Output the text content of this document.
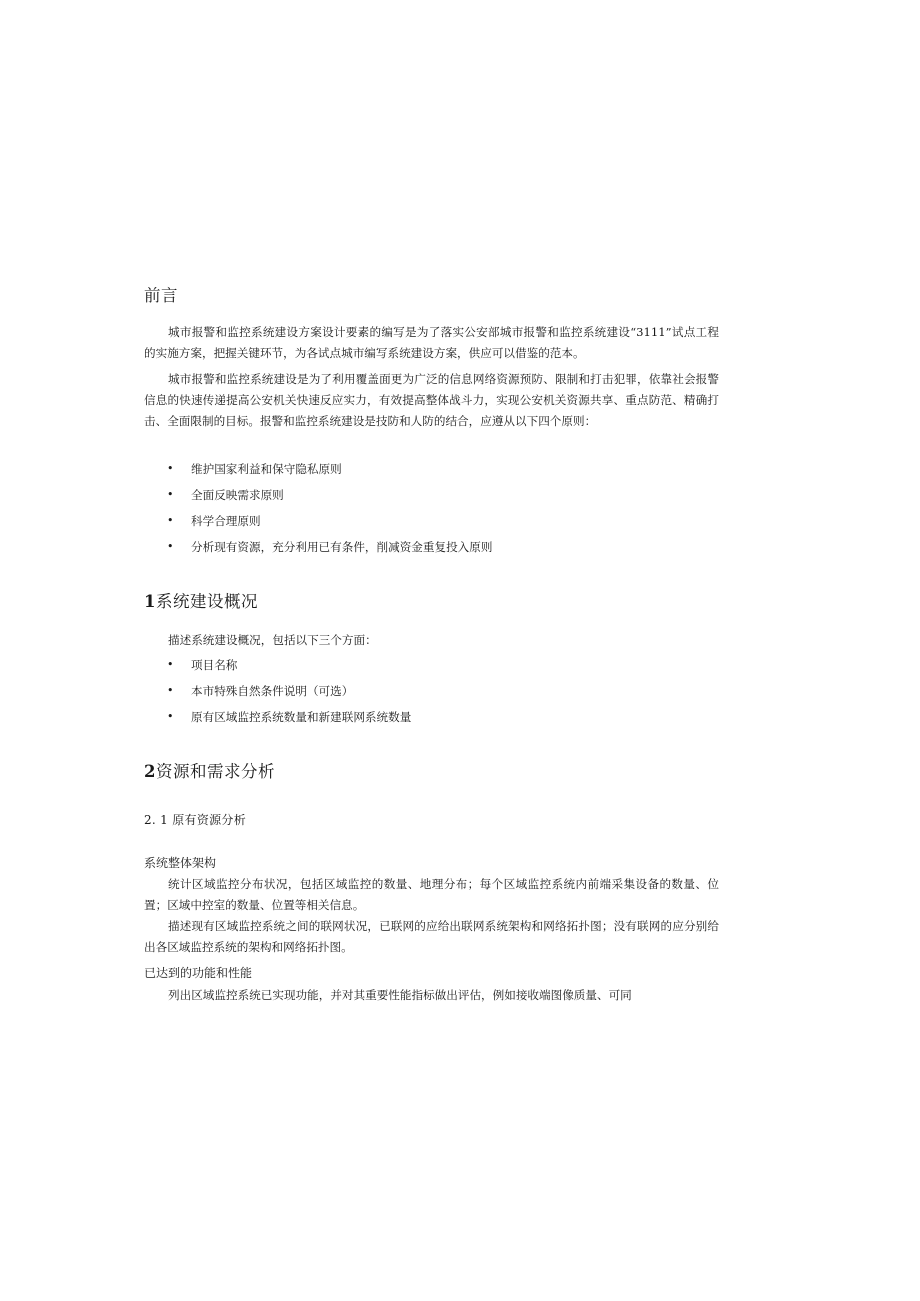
前言

城市报警和监控系统建设方案设计要素的编写是为了落实公安部城市报警和监控系统建设“3111”试点工程的实施方案，把握关键环节，为各试点城市编写系统建设方案，供应可以借鉴的范本。

城市报警和监控系统建设是为了利用覆盖面更为广泛的信息网络资源预防、限制和打击犯罪，依靠社会报警信息的快速传递提高公安机关快速反应实力，有效提高整体战斗力，实现公安机关资源共享、重点防范、精确打击、全面限制的目标。报警和监控系统建设是技防和人防的结合，应遵从以下四个原则：

• 维护国家利益和保守隐私原则
• 全面反映需求原则
• 科学合理原则
• 分析现有资源，充分利用已有条件，削减资金重复投入原则
1系统建设概况
描述系统建设概况，包括以下三个方面：
• 项目名称
• 本市特殊自然条件说明（可选）
• 原有区域监控系统数量和新建联网系统数量
2资源和需求分析
2. 1 原有资源分析
系统整体架构

统计区域监控分布状况，包括区域监控的数量、地理分布；每个区域监控系统内前端采集设备的数量、位置；区域中控室的数量、位置等相关信息。

描述现有区域监控系统之间的联网状况，已联网的应给出联网系统架构和网络拓扑图；没有联网的应分别给出各区域监控系统的架构和网络拓扑图。

已达到的功能和性能

列出区域监控系统已实现功能，并对其重要性能指标做出评估，例如接收端图像质量、可同
